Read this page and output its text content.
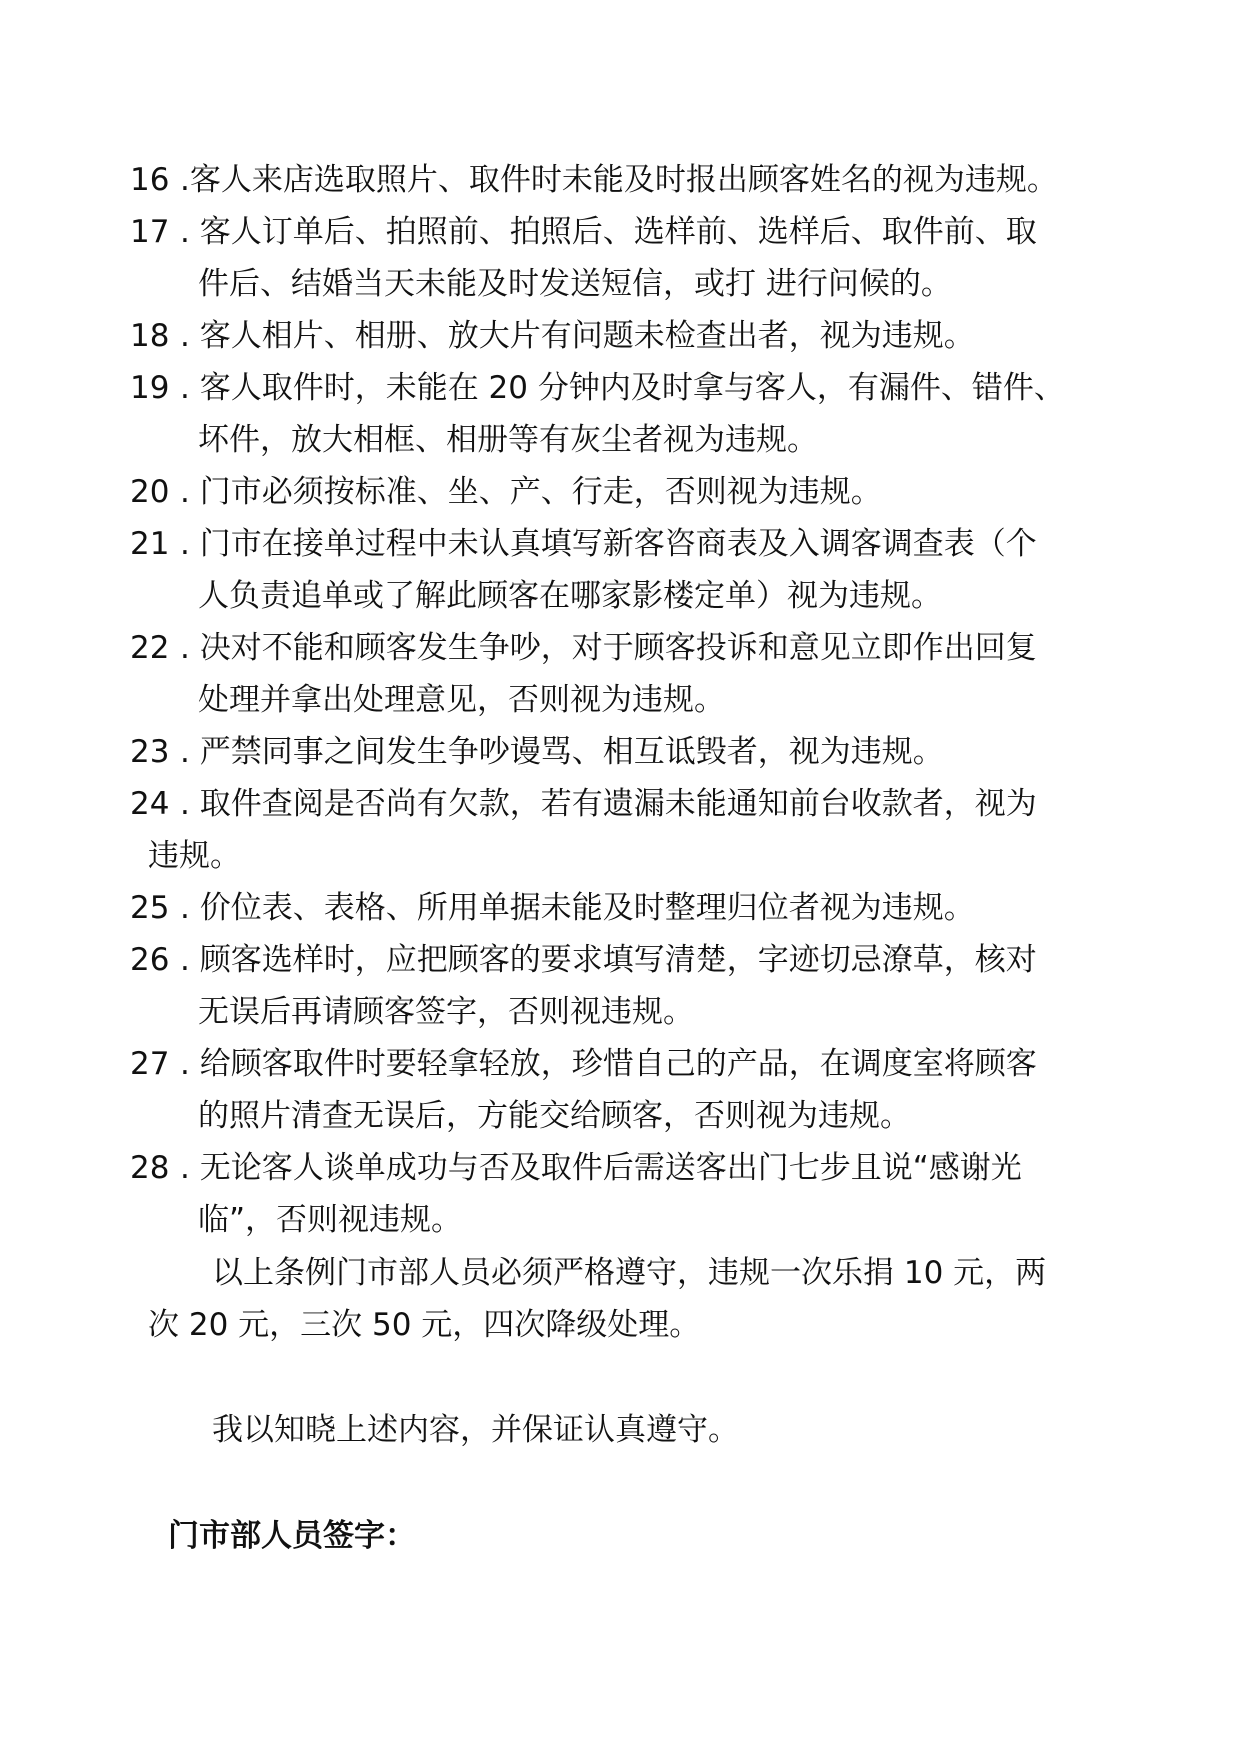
16 .客人来店选取照片、取件时未能及时报出顾客姓名的视为违规。
17 . 客人订单后、拍照前、拍照后、选样前、选样后、取件前、取
件后、结婚当天未能及时发送短信，或打 进行问候的。
18 . 客人相片、相册、放大片有问题未检查出者，视为违规。
19 . 客人取件时，未能在 20 分钟内及时拿与客人，有漏件、错件、
坏件，放大相框、相册等有灰尘者视为违规。
20 . 门市必须按标准、坐、产、行走，否则视为违规。
21 . 门市在接单过程中未认真填写新客咨商表及入调客调查表（个
人负责追单或了解此顾客在哪家影楼定单）视为违规。
22 . 决对不能和顾客发生争吵，对于顾客投诉和意见立即作出回复
处理并拿出处理意见，否则视为违规。
23 . 严禁同事之间发生争吵谩骂、相互诋毁者，视为违规。
24 . 取件查阅是否尚有欠款，若有遗漏未能通知前台收款者，视为
违规。
25 . 价位表、表格、所用单据未能及时整理归位者视为违规。
26 . 顾客选样时，应把顾客的要求填写清楚，字迹切忌潦草，核对
无误后再请顾客签字，否则视违规。
27 . 给顾客取件时要轻拿轻放，珍惜自己的产品，在调度室将顾客
的照片清查无误后，方能交给顾客，否则视为违规。
28 . 无论客人谈单成功与否及取件后需送客出门七步且说“感谢光
临”，否则视违规。
以上条例门市部人员必须严格遵守，违规一次乐捐 10 元，两
次 20 元，三次 50 元，四次降级处理。
我以知晓上述内容，并保证认真遵守。
门市部人员签字：
